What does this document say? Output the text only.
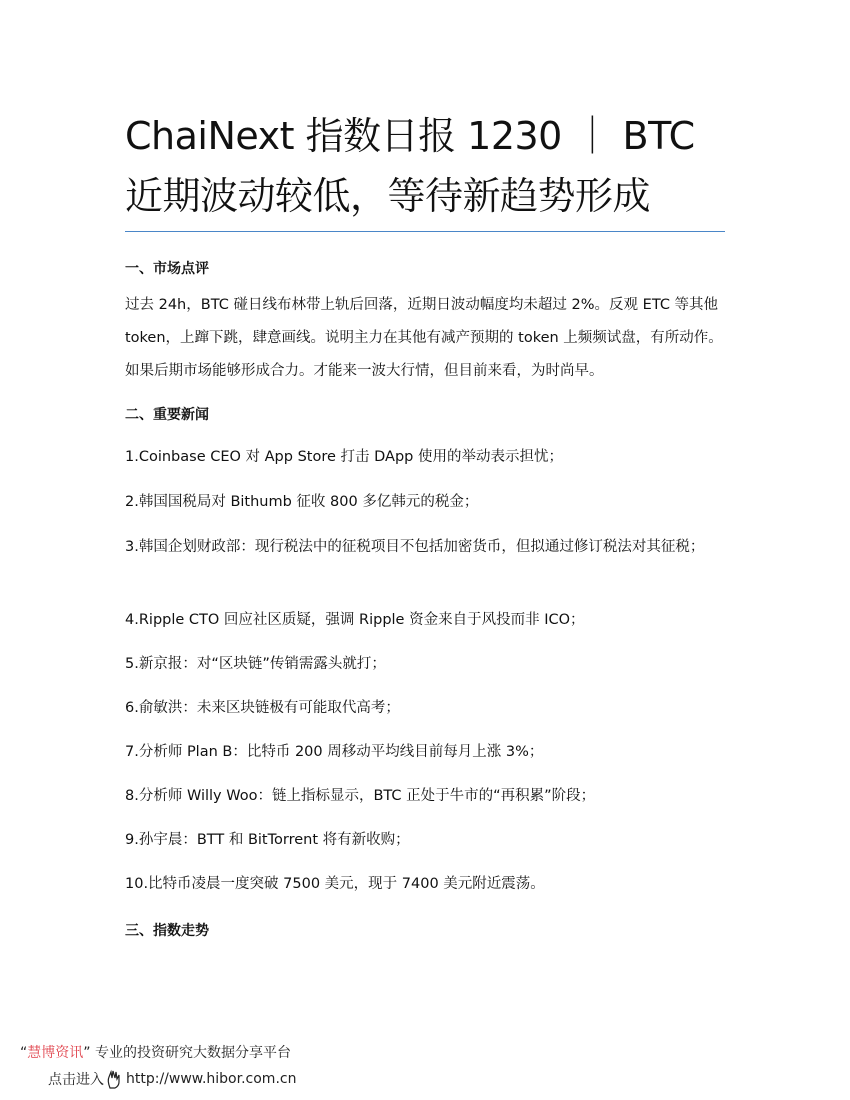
ChaiNext 指数日报 1230 ｜ BTC 近期波动较低，等待新趋势形成
一、市场点评
过去 24h，BTC 碰日线布林带上轨后回落，近期日波动幅度均未超过 2%。反观 ETC 等其他 token，上蹿下跳，肆意画线。说明主力在其他有减产预期的 token 上频频试盘，有所动作。如果后期市场能够形成合力。才能来一波大行情，但目前来看，为时尚早。
二、重要新闻
1.Coinbase CEO 对 App Store 打击 DApp 使用的举动表示担忧；
2.韩国国税局对 Bithumb 征收 800 多亿韩元的税金；
3.韩国企划财政部：现行税法中的征税项目不包括加密货币，但拟通过修订税法对其征税；
4.Ripple CTO 回应社区质疑，强调 Ripple 资金来自于风投而非 ICO；
5.新京报：对“区块链”传销需露头就打；
6.俞敏洪：未来区块链极有可能取代高考；
7.分析师 Plan B：比特币 200 周移动平均线目前每月上涨 3%；
8.分析师 Willy Woo：链上指标显示，BTC 正处于牛市的“再积累”阶段；
9.孙宇晨：BTT 和 BitTorrent 将有新收购；
10.比特币凌晨一度突破 7500 美元，现于 7400 美元附近震荡。
三、指数走势
“慧博资讯” 专业的投资研究大数据分享平台
点击进入 http://www.hibor.com.cn
